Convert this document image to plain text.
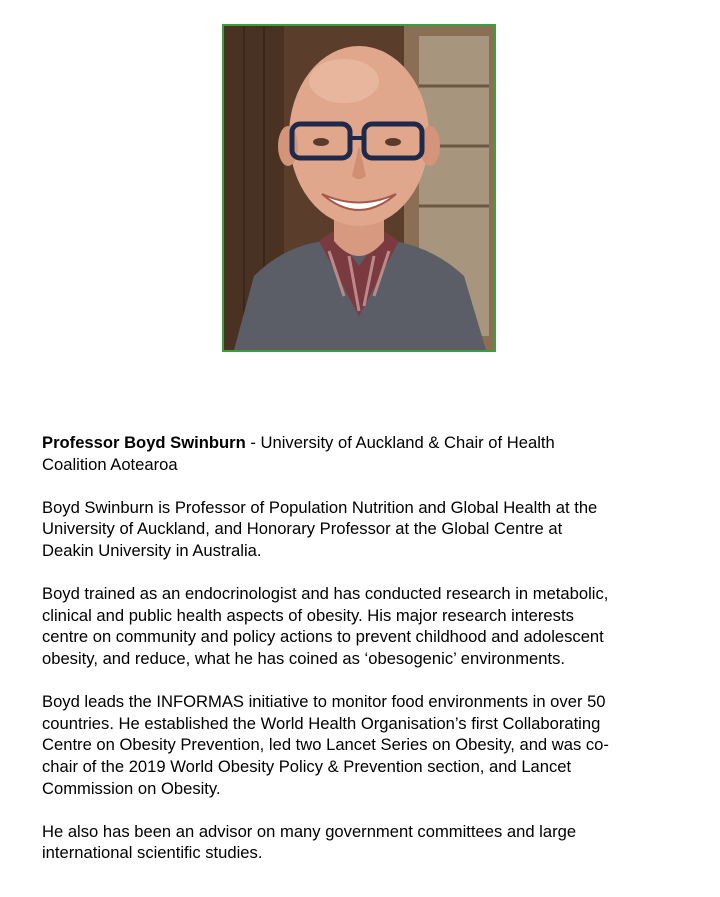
Professor Boyd Swinburn - University of Auckland & Chair of Health
Coalition Aotearoa

Boyd Swinburn is Professor of Population Nutrition and Global Health at the
University of Auckland, and Honorary Professor at the Global Centre at
Deakin University in Australia.

Boyd trained as an endocrinologist and has conducted research in metabolic,
clinical and public health aspects of obesity. His major research interests
centre on community and policy actions to prevent childhood and adolescent
obesity, and reduce, what he has coined as ‘obesogenic’ environments.

Boyd leads the INFORMAS initiative to monitor food environments in over 50
countries. He established the World Health Organisation’s first Collaborating
Centre on Obesity Prevention, led two Lancet Series on Obesity, and was co-
chair of the 2019 World Obesity Policy & Prevention section, and Lancet
Commission on Obesity.

He also has been an advisor on many government committees and large
international scientific studies.
